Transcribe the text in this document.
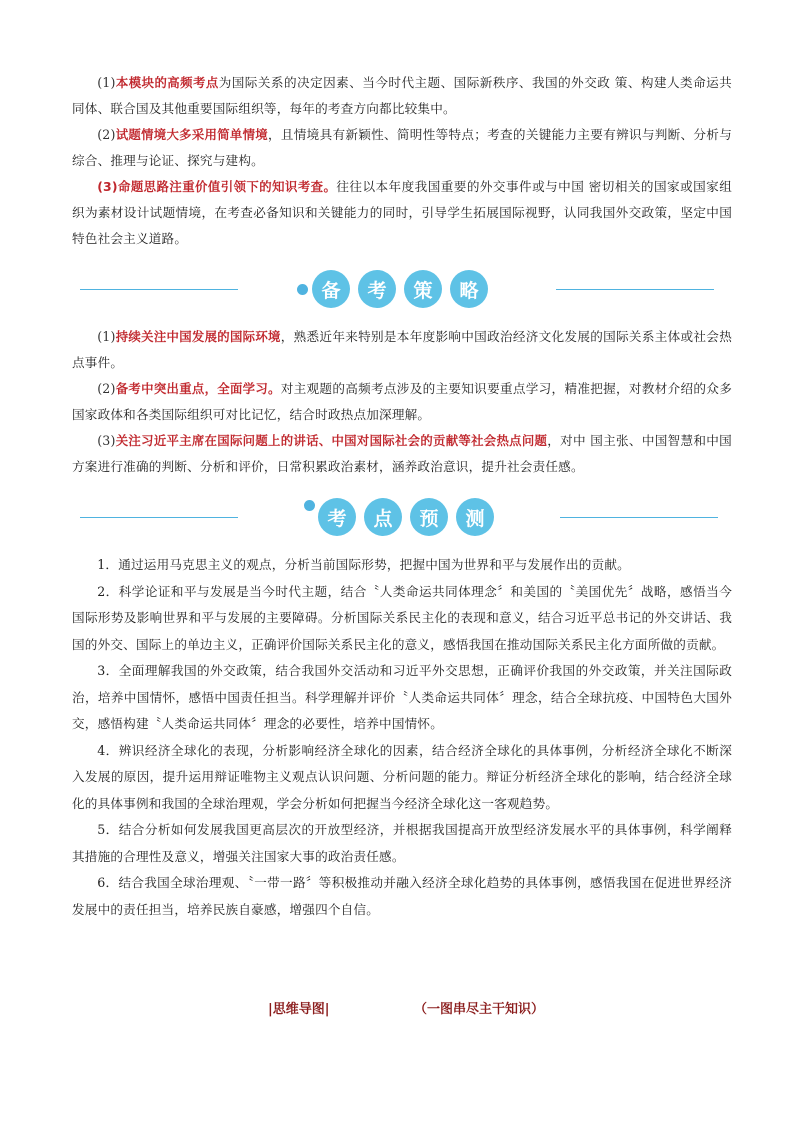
(1)本模块的高频考点为国际关系的决定因素、当今时代主题、国际新秩序、我国的外交政 策、构建人类命运共同体、联合国及其他重要国际组织等，每年的考查方向都比较集中。

(2)试题情境大多采用简单情境，且情境具有新颖性、简明性等特点；考查的关键能力主要有辨识与判断、分析与综合、推理与论证、探究与建构。

(3)命题思路注重价值引领下的知识考查。往往以本年度我国重要的外交事件或与中国 密切相关的国家或国家组织为素材设计试题情境，在考查必备知识和关键能力的同时，引导学生拓展国际视野，认同我国外交政策，坚定中国特色社会主义道路。

备	考	策	略

(1)持续关注中国发展的国际环境，熟悉近年来特别是本年度影响中国政治经济文化发展的国际关系主体或社会热点事件。

(2)备考中突出重点，全面学习。对主观题的高频考点涉及的主要知识要重点学习，精准把握，对教材介绍的众多国家政体和各类国际组织可对比记忆，结合时政热点加深理解。

(3)关注习近平主席在国际问题上的讲话、中国对国际社会的贡献等社会热点问题，对中 国主张、中国智慧和中国方案进行准确的判断、分析和评价，日常积累政治素材，涵养政治意识，提升社会责任感。

考	点	预	测

1．通过运用马克思主义的观点，分析当前国际形势，把握中国为世界和平与发展作出的贡献。

2．科学论证和平与发展是当今时代主题，结合〝人类命运共同体理念〞和美国的〝美国优先〞战略，感悟当今国际形势及影响世界和平与发展的主要障碍。分析国际关系民主化的表现和意义，结合习近平总书记的外交讲话、我国的外交、国际上的单边主义，正确评价国际关系民主化的意义，感悟我国在推动国际关系民主化方面所做的贡献。

3．全面理解我国的外交政策，结合我国外交活动和习近平外交思想，正确评价我国的外交政策，并关注国际政治，培养中国情怀，感悟中国责任担当。科学理解并评价〝人类命运共同体〞理念，结合全球抗疫、中国特色大国外交，感悟构建〝人类命运共同体〞理念的必要性，培养中国情怀。

4．辨识经济全球化的表现，分析影响经济全球化的因素，结合经济全球化的具体事例，分析经济全球化不断深入发展的原因，提升运用辩证唯物主义观点认识问题、分析问题的能力。辩证分析经济全球化的影响，结合经济全球化的具体事例和我国的全球治理观，学会分析如何把握当今经济全球化这一客观趋势。

5．结合分析如何发展我国更高层次的开放型经济，并根据我国提高开放型经济发展水平的具体事例，科学阐释其措施的合理性及意义，增强关注国家大事的政治责任感。

6．结合我国全球治理观、〝一带一路〞等积极推动并融入经济全球化趋势的具体事例，感悟我国在促进世界经济发展中的责任担当，培养民族自豪感，增强四个自信。

|思维导图|	（一图串尽主干知识）
